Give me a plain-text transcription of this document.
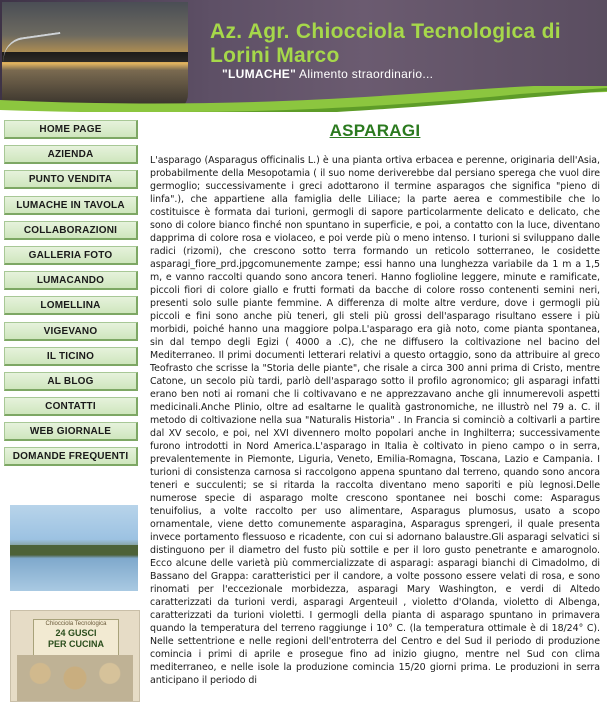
Az. Agr. Chiocciola Tecnologica di Lorini Marco
"LUMACHE" Alimento straordinario...
HOME PAGE
AZIENDA
PUNTO VENDITA
LUMACHE IN TAVOLA
COLLABORAZIONI
GALLERIA FOTO
LUMACANDO
LOMELLINA
VIGEVANO
IL TICINO
AL BLOG
CONTATTI
WEB GIORNALE
DOMANDE FREQUENTI
Chiocciola Tecnologica
24 GUSCI
PER CUCINA
ASPARAGI

L'asparago (Asparagus officinalis L.) è una pianta ortiva erbacea e perenne, originaria dell'Asia, probabilmente della Mesopotamia ( il suo nome deriverebbe dal persiano sperega che vuol dire germoglio; successivamente i greci adottarono il termine asparagos che significa "pieno di linfa".), che appartiene alla famiglia delle Liliace; la parte aerea e commestibile che lo costituisce è formata dai turioni, germogli di sapore particolarmente delicato e delicato, che sono di colore bianco finché non spuntano in superficie, e poi, a contatto con la luce, diventano dapprima di colore rosa e violaceo, e poi verde più o meno intenso. I turioni si sviluppano dalle radici (rizomi), che crescono sotto terra formando un reticolo sotterraneo, le cosidette asparagi_fiore_prd.jpgcomunemente zampe; essi hanno una lunghezza variabile da 1 m a 1,5 m, e vanno raccolti quando sono ancora teneri. Hanno foglioline leggere, minute e ramificate, piccoli fiori di colore giallo e frutti formati da bacche di colore rosso contenenti semini neri, presenti solo sulle piante femmine. A differenza di molte altre verdure, dove i germogli più piccoli e fini sono anche più teneri, gli steli più grossi dell'asparago risultano essere i più morbidi, poiché hanno una maggiore polpa.L'asparago era già noto, come pianta spontanea, sin dal tempo degli Egizi ( 4000 a .C), che ne diffusero la coltivazione nel bacino del Mediterraneo. Il primi documenti letterari relativi a questo ortaggio, sono da attribuire al greco Teofrasto che scrisse la "Storia delle piante", che risale a circa 300 anni prima di Cristo, mentre Catone, un secolo più tardi, parlò dell'asparago sotto il profilo agronomico; gli asparagi infatti erano ben noti ai romani che li coltivavano e ne apprezzavano anche gli innumerevoli aspetti medicinali.Anche Plinio, oltre ad esaltarne le qualità gastronomiche, ne illustrò nel 79 a. C. il metodo di coltivazione nella sua "Naturalis Historia" . In Francia si cominciò a coltivarli a partire dal XV secolo, e poi, nel XVI divennero molto popolari anche in Inghilterra; successivamente furono introdotti in Nord America.L'asparago in Italia è coltivato in pieno campo o in serra, prevalentemente in Piemonte, Liguria, Veneto, Emilia-Romagna, Toscana, Lazio e Campania. I turioni di consistenza carnosa si raccolgono appena spuntano dal terreno, quando sono ancora teneri e succulenti; se si ritarda la raccolta diventano meno saporiti e più legnosi.Delle numerose specie di asparago molte crescono spontanee nei boschi come: Asparagus tenuifolius, a volte raccolto per uso alimentare, Asparagus plumosus, usato a scopo ornamentale, viene detto comunemente asparagina, Asparagus sprengeri, il quale presenta invece portamento flessuoso e ricadente, con cui si adornano balaustre.Gli asparagi selvatici si distinguono per il diametro del fusto più sottile e per il loro gusto penetrante e amarognolo. Ecco alcune delle varietà più commercializzate di asparagi: asparagi bianchi di Cimadolmo, di Bassano del Grappa: caratteristici per il candore, a volte possono essere velati di rosa, e sono rinomati per l'eccezionale morbidezza, asparagi Mary Washington, e verdi di Altedo caratterizzati da turioni verdi, asparagi Argenteuil , violetto d'Olanda, violetto di Albenga, caratterizzati da turioni violetti. I germogli della pianta di asparago spuntano in primavera quando la temperatura del terreno raggiunge i 10° C. (la temperatura ottimale è di 18/24° C). Nelle settentrione e nelle regioni dell'entroterra del Centro e del Sud il periodo di produzione comincia i primi di aprile e prosegue fino ad inizio giugno, mentre nel Sud con clima mediterraneo, e nelle isole la produzione comincia 15/20 giorni prima. Le produzioni in serra anticipano il periodo di
